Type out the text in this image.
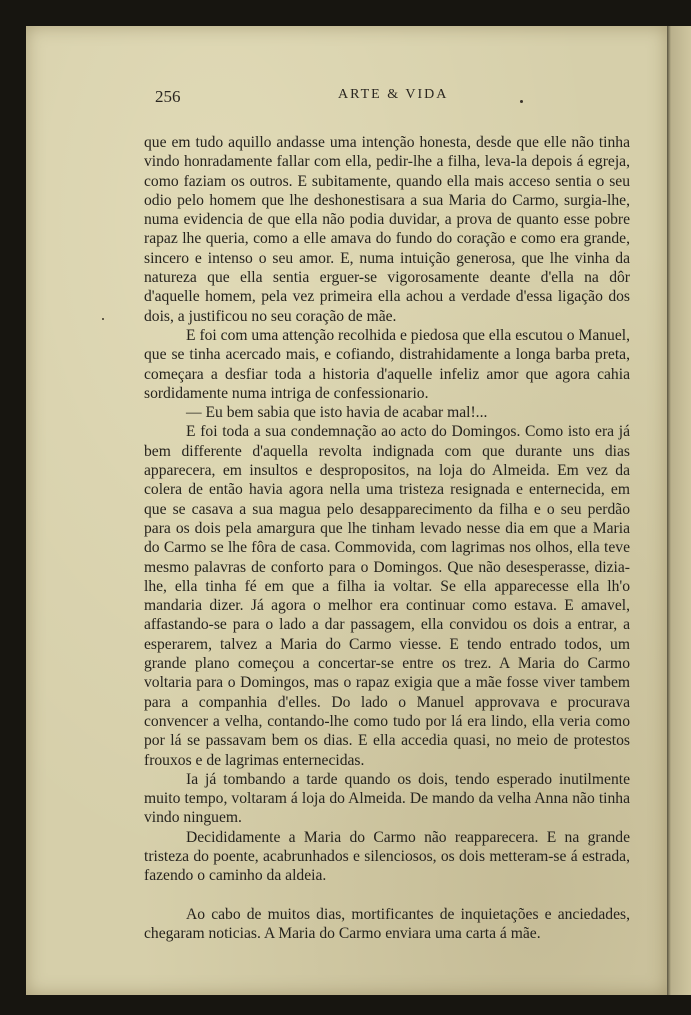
256	ARTE & VIDA

que em tudo aquillo andasse uma intenção honesta, desde que elle não tinha vindo honradamente fallar com ella, pedir-lhe a filha, leva-la depois á egreja, como faziam os outros. E subitamente, quando ella mais acceso sentia o seu odio pelo homem que lhe deshonestisara a sua Maria do Carmo, surgia-lhe, numa evidencia de que ella não podia duvidar, a prova de quanto esse pobre rapaz lhe queria, como a elle amava do fundo do coração e como era grande, sincero e intenso o seu amor. E, numa intuição generosa, que lhe vinha da natureza que ella sentia erguer-se vigorosamente deante d'ella na dôr d'aquelle homem, pela vez primeira ella achou a verdade d'essa ligação dos dois, a justificou no seu coração de mãe.

E foi com uma attenção recolhida e piedosa que ella escutou o Manuel, que se tinha acercado mais, e cofiando, distrahidamente a longa barba preta, começara a desfiar toda a historia d'aquelle infeliz amor que agora cahia sordidamente numa intriga de confessionario.

— Eu bem sabia que isto havia de acabar mal!...

E foi toda a sua condemnação ao acto do Domingos. Como isto era já bem differente d'aquella revolta indignada com que durante uns dias apparecera, em insultos e despropositos, na loja do Almeida. Em vez da colera de então havia agora nella uma tristeza resignada e enternecida, em que se casava a sua magua pelo desapparecimento da filha e o seu perdão para os dois pela amargura que lhe tinham levado nesse dia em que a Maria do Carmo se lhe fôra de casa. Commovida, com lagrimas nos olhos, ella teve mesmo palavras de conforto para o Domingos. Que não desesperasse, dizia-lhe, ella tinha fé em que a filha ia voltar. Se ella apparecesse ella lh'o mandaria dizer. Já agora o melhor era continuar como estava. E amavel, affastando-se para o lado a dar passagem, ella convidou os dois a entrar, a esperarem, talvez a Maria do Carmo viesse. E tendo entrado todos, um grande plano começou a concertar-se entre os trez. A Maria do Carmo voltaria para o Domingos, mas o rapaz exigia que a mãe fosse viver tambem para a companhia d'elles. Do lado o Manuel approvava e procurava convencer a velha, contando-lhe como tudo por lá era lindo, ella veria como por lá se passavam bem os dias. E ella accedia quasi, no meio de protestos frouxos e de lagrimas enternecidas.

Ia já tombando a tarde quando os dois, tendo esperado inutilmente muito tempo, voltaram á loja do Almeida. De mando da velha Anna não tinha vindo ninguem.

Decididamente a Maria do Carmo não reapparecera. E na grande tristeza do poente, acabrunhados e silenciosos, os dois metteram-se á estrada, fazendo o caminho da aldeia.

Ao cabo de muitos dias, mortificantes de inquietações e anciedades, chegaram noticias. A Maria do Carmo enviara uma carta á mãe.
